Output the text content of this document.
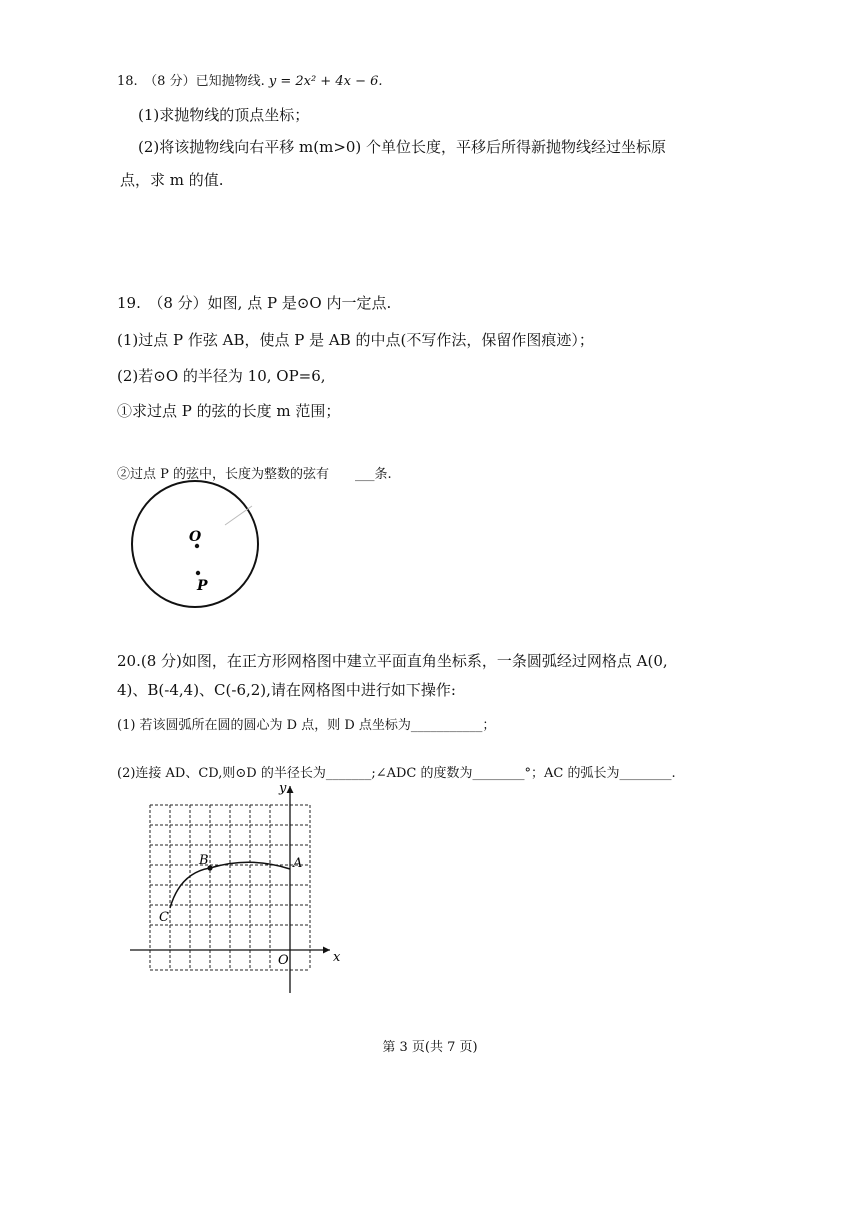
18.　（8 分）已知抛物线. y = 2x² + 4x − 6.
(1)求抛物线的顶点坐标；
(2)将该抛物线向右平移 m(m>0) 个单位长度，平移后所得新抛物线经过坐标原
点，求 m 的值.
19.　（8 分）如图, 点 P 是⊙O 内一定点.
(1)过点 P 作弦 AB，使点 P 是 AB 的中点(不写作法，保留作图痕迹）；
(2)若⊙O 的半径为 10, OP=6,
①求过点 P 的弦的长度 m 范围；
②过点 P 的弦中，长度为整数的弦有　　___条.
O
P
20.(8 分)如图，在正方形网格图中建立平面直角坐标系，一条圆弧经过网格点 A(0,
4)、B(-4,4)、C(-6,2),请在网格图中进行如下操作:
(1) 若该圆弧所在圆的圆心为 D 点，则 D 点坐标为___________；
(2)连接 AD、CD,则⊙D 的半径长为_______;∠ADC 的度数为________°；AC 的弧长为________.
x
y
O
B	A
C
第 3 页(共 7 页)
